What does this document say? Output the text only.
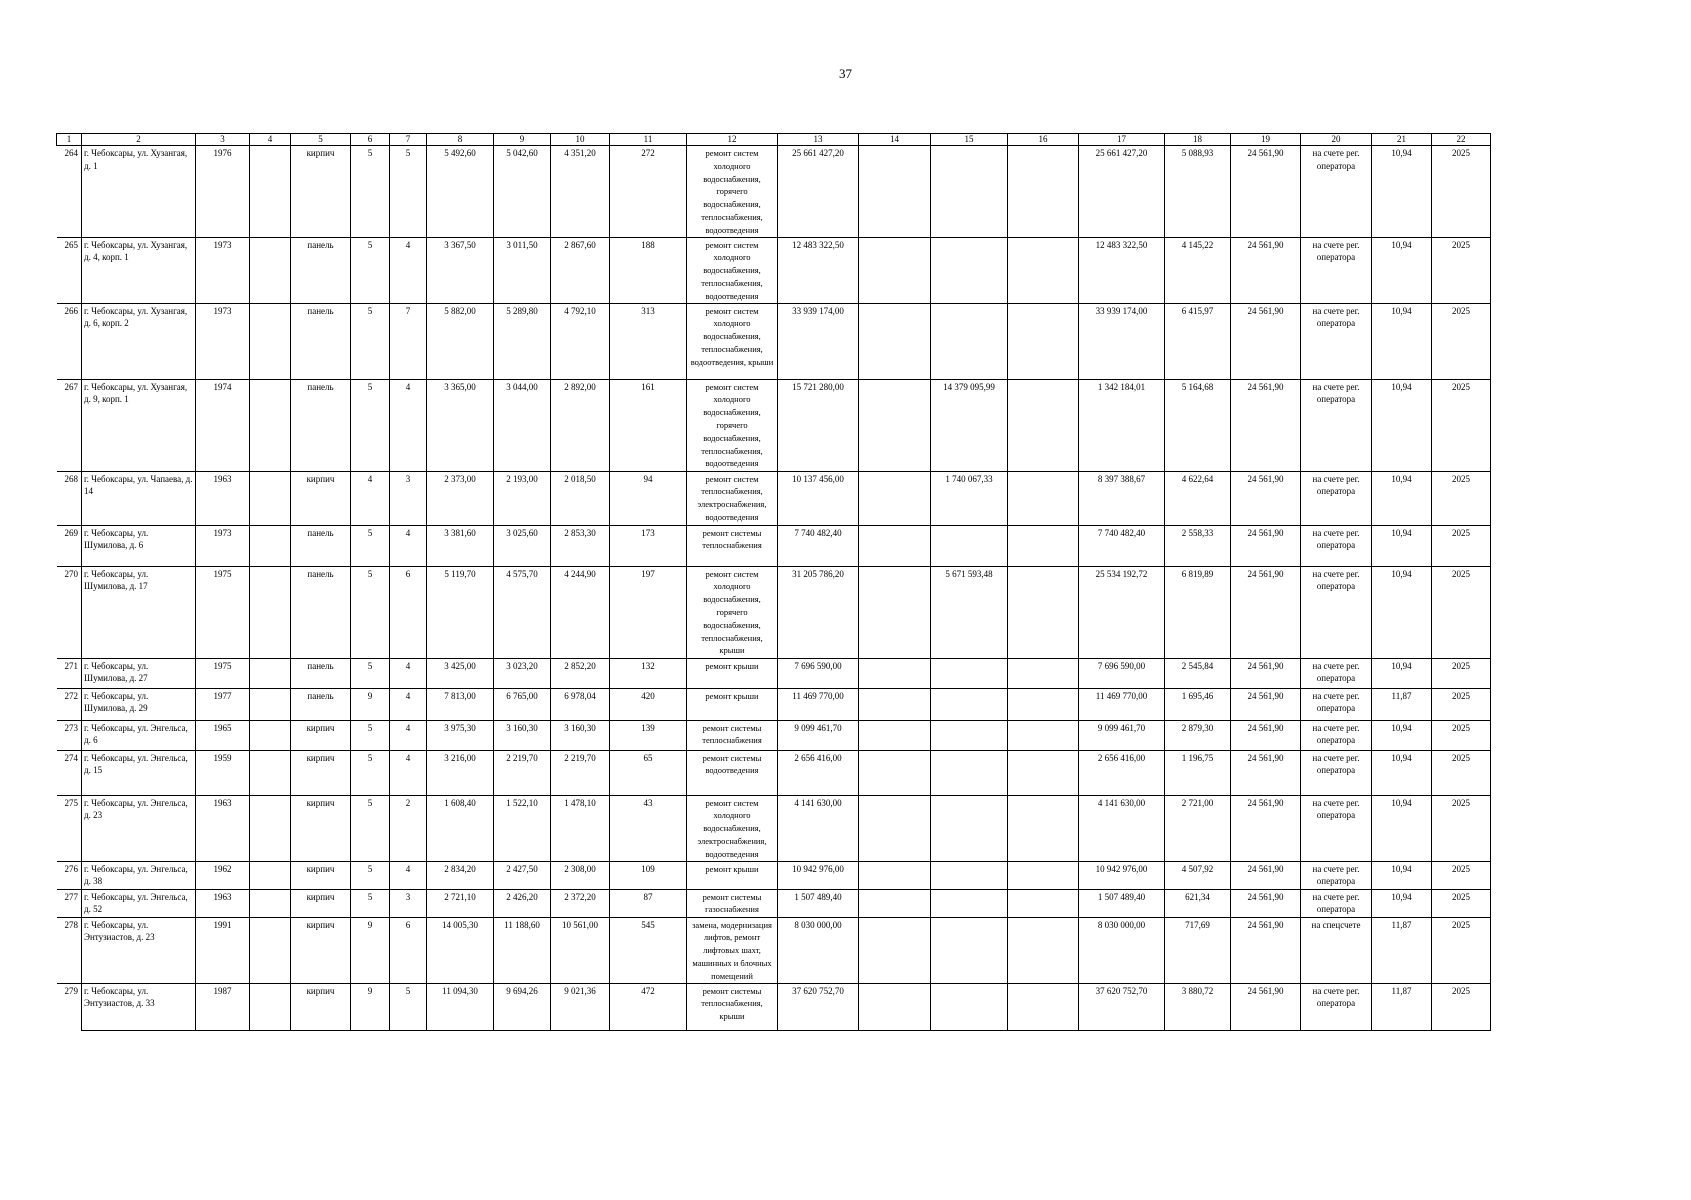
37
1	2	3	4	5	6	7	8	9	10	11	12	13	14	15	16	17	18	19	20	21	22
264	г. Чебоксары, ул. Хузангая, д. 1	1976		кирпич	5	5	5 492,60	5 042,60	4 351,20	272	ремонт систем холодного водоснабжения, горячего водоснабжения, теплоснабжения, водоотведения	25 661 427,20				25 661 427,20	5 088,93	24 561,90	на счете рег. оператора	10,94	2025
265	г. Чебоксары, ул. Хузангая, д. 4, корп. 1	1973		панель	5	4	3 367,50	3 011,50	2 867,60	188	ремонт систем холодного водоснабжения, теплоснабжения, водоотведения	12 483 322,50				12 483 322,50	4 145,22	24 561,90	на счете рег. оператора	10,94	2025
266	г. Чебоксары, ул. Хузангая, д. 6, корп. 2	1973		панель	5	7	5 882,00	5 289,80	4 792,10	313	ремонт систем холодного водоснабжения, теплоснабжения, водоотведения, крыши	33 939 174,00				33 939 174,00	6 415,97	24 561,90	на счете рег. оператора	10,94	2025
267	г. Чебоксары, ул. Хузангая, д. 9, корп. 1	1974		панель	5	4	3 365,00	3 044,00	2 892,00	161	ремонт систем холодного водоснабжения, горячего водоснабжения, теплоснабжения, водоотведения	15 721 280,00		14 379 095,99		1 342 184,01	5 164,68	24 561,90	на счете рег. оператора	10,94	2025
268	г. Чебоксары, ул. Чапаева, д. 14	1963		кирпич	4	3	2 373,00	2 193,00	2 018,50	94	ремонт систем теплоснабжения, электроснабжения, водоотведения	10 137 456,00		1 740 067,33		8 397 388,67	4 622,64	24 561,90	на счете рег. оператора	10,94	2025
269	г. Чебоксары, ул. Шумилова, д. 6	1973		панель	5	4	3 381,60	3 025,60	2 853,30	173	ремонт системы теплоснабжения	7 740 482,40				7 740 482,40	2 558,33	24 561,90	на счете рег. оператора	10,94	2025
270	г. Чебоксары, ул. Шумилова, д. 17	1975		панель	5	6	5 119,70	4 575,70	4 244,90	197	ремонт систем холодного водоснабжения, горячего водоснабжения, теплоснабжения, крыши	31 205 786,20		5 671 593,48		25 534 192,72	6 819,89	24 561,90	на счете рег. оператора	10,94	2025
271	г. Чебоксары, ул. Шумилова, д. 27	1975		панель	5	4	3 425,00	3 023,20	2 852,20	132	ремонт крыши	7 696 590,00				7 696 590,00	2 545,84	24 561,90	на счете рег. оператора	10,94	2025
272	г. Чебоксары, ул. Шумилова, д. 29	1977		панель	9	4	7 813,00	6 765,00	6 978,04	420	ремонт крыши	11 469 770,00				11 469 770,00	1 695,46	24 561,90	на счете рег. оператора	11,87	2025
273	г. Чебоксары, ул. Энгельса, д. 6	1965		кирпич	5	4	3 975,30	3 160,30	3 160,30	139	ремонт системы теплоснабжения	9 099 461,70				9 099 461,70	2 879,30	24 561,90	на счете рег. оператора	10,94	2025
274	г. Чебоксары, ул. Энгельса, д. 15	1959		кирпич	5	4	3 216,00	2 219,70	2 219,70	65	ремонт системы водоотведения	2 656 416,00				2 656 416,00	1 196,75	24 561,90	на счете рег. оператора	10,94	2025
275	г. Чебоксары, ул. Энгельса, д. 23	1963		кирпич	5	2	1 608,40	1 522,10	1 478,10	43	ремонт систем холодного водоснабжения, электроснабжения, водоотведения	4 141 630,00				4 141 630,00	2 721,00	24 561,90	на счете рег. оператора	10,94	2025
276	г. Чебоксары, ул. Энгельса, д. 38	1962		кирпич	5	4	2 834,20	2 427,50	2 308,00	109	ремонт крыши	10 942 976,00				10 942 976,00	4 507,92	24 561,90	на счете рег. оператора	10,94	2025
277	г. Чебоксары, ул. Энгельса, д. 52	1963		кирпич	5	3	2 721,10	2 426,20	2 372,20	87	ремонт системы газоснабжения	1 507 489,40				1 507 489,40	621,34	24 561,90	на счете рег. оператора	10,94	2025
278	г. Чебоксары, ул. Энтузиастов, д. 23	1991		кирпич	9	6	14 005,30	11 188,60	10 561,00	545	замена, модернизация лифтов, ремонт лифтовых шахт, машинных и блочных помещений	8 030 000,00				8 030 000,00	717,69	24 561,90	на спецсчете	11,87	2025
279	г. Чебоксары, ул. Энтузиастов, д. 33	1987		кирпич	9	5	11 094,30	9 694,26	9 021,36	472	ремонт системы теплоснабжения, крыши	37 620 752,70				37 620 752,70	3 880,72	24 561,90	на счете рег. оператора	11,87	2025
